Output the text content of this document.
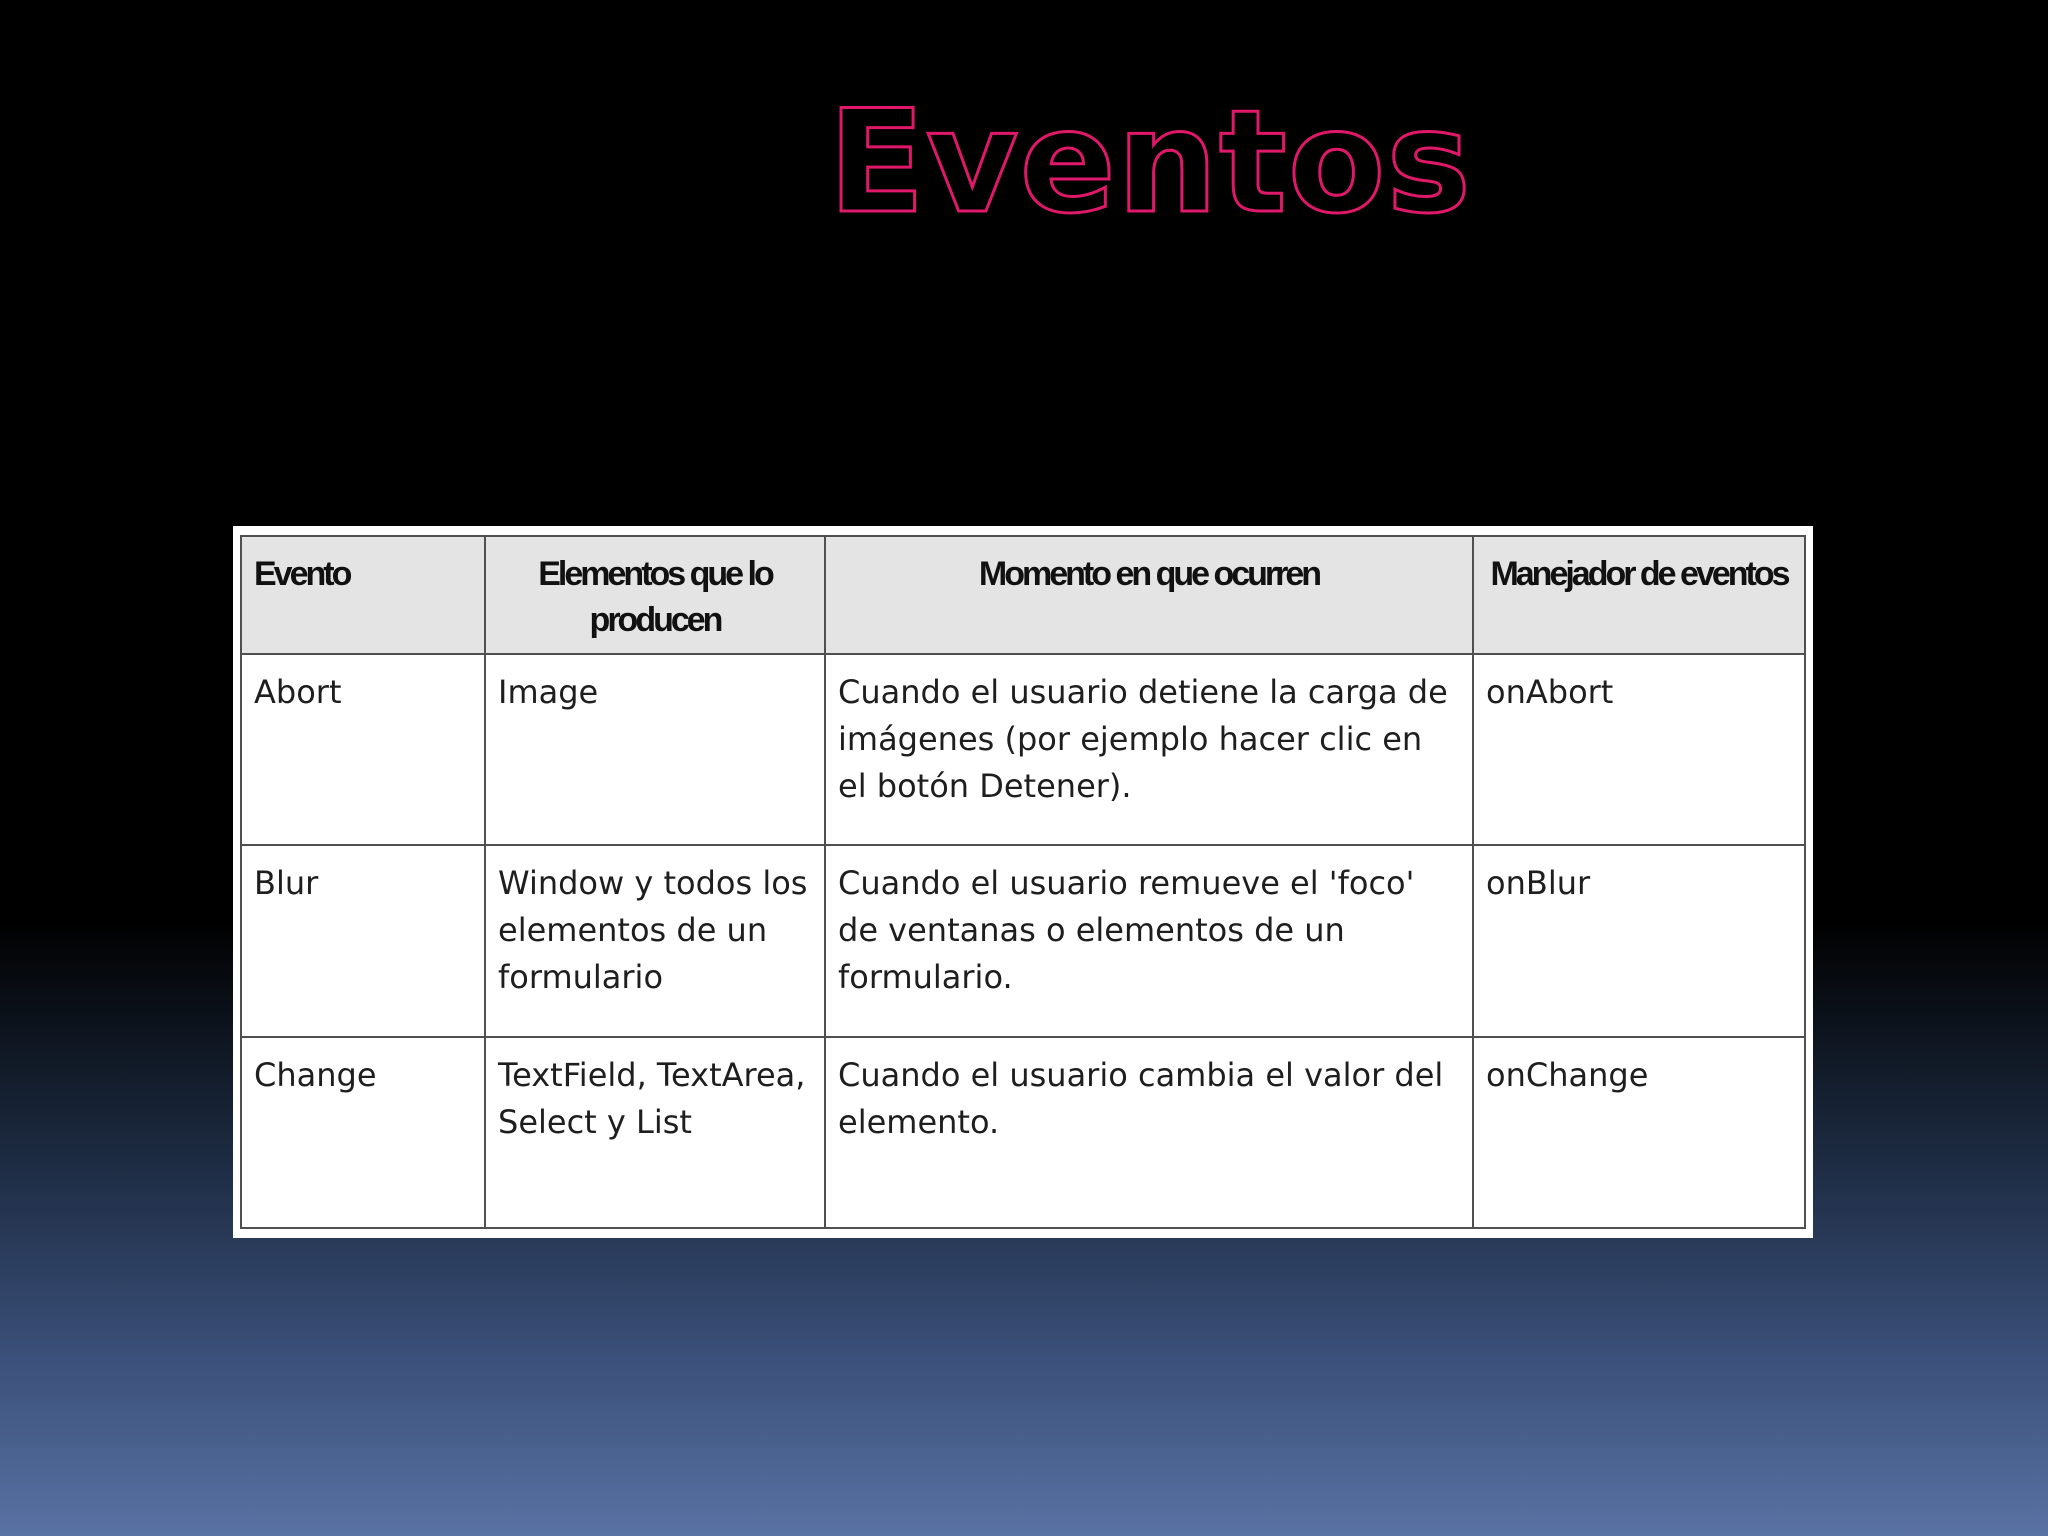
Eventos
Evento	Elementos que lo producen	Momento en que ocurren	Manejador de eventos
Abort	Image	Cuando el usuario detiene la carga de imágenes (por ejemplo hacer clic en el botón Detener).	onAbort
Blur	Window y todos los elementos de un formulario	Cuando el usuario remueve el 'foco' de ventanas o elementos de un formulario.	onBlur
Change	TextField, TextArea, Select y List	Cuando el usuario cambia el valor del elemento.	onChange
